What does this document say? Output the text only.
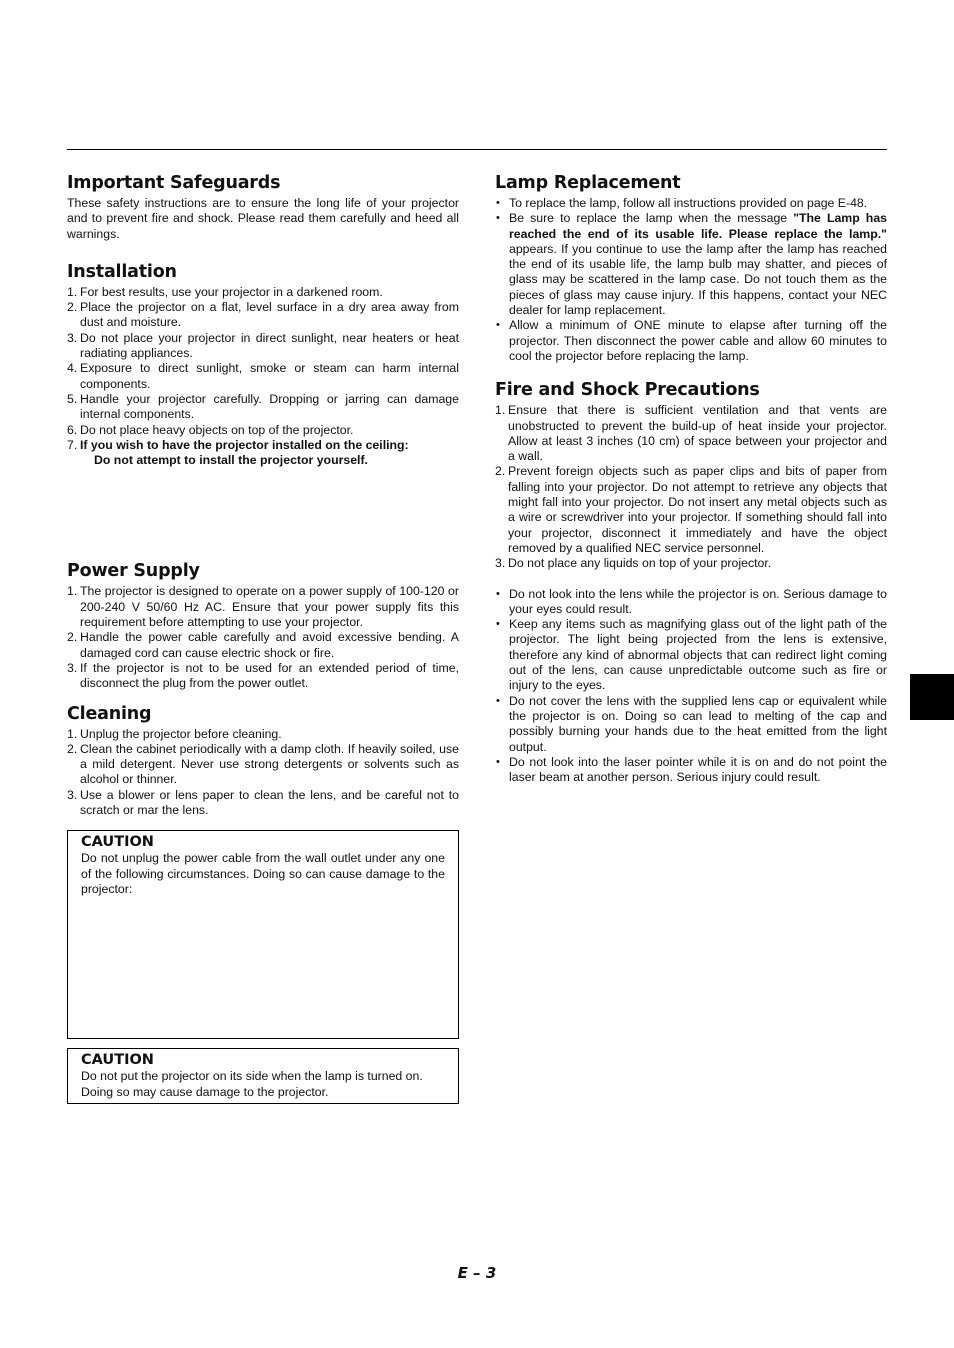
Important Safeguards

These safety instructions are to ensure the long life of your projector and to prevent fire and shock. Please read them carefully and heed all warnings.

Installation
1. For best results, use your projector in a darkened room.
2. Place the projector on a flat, level surface in a dry area away from dust and moisture.
3. Do not place your projector in direct sunlight, near heaters or heat radiating appliances.
4. Exposure to direct sunlight, smoke or steam can harm internal components.
5. Handle your projector carefully. Dropping or jarring can damage internal components.
6. Do not place heavy objects on top of the projector.
7. If you wish to have the projector installed on the ceiling:
Do not attempt to install the projector yourself.
Power Supply
1. The projector is designed to operate on a power supply of 100-120 or 200-240 V 50/60 Hz AC. Ensure that your power supply fits this requirement before attempting to use your projector.
2. Handle the power cable carefully and avoid excessive bending. A damaged cord can cause electric shock or fire.
3. If the projector is not to be used for an extended period of time, disconnect the plug from the power outlet.
Cleaning
1. Unplug the projector before cleaning.
2. Clean the cabinet periodically with a damp cloth. If heavily soiled, use a mild detergent. Never use strong detergents or solvents such as alcohol or thinner.
3. Use a blower or lens paper to clean the lens, and be careful not to scratch or mar the lens.
CAUTION

Do not unplug the power cable from the wall outlet under any one of the following circumstances. Doing so can cause damage to the projector:

CAUTION

Do not put the projector on its side when the lamp is turned on. Doing so may cause damage to the projector.

Lamp Replacement
• To replace the lamp, follow all instructions provided on page E-48.
• Be sure to replace the lamp when the message "The Lamp has reached the end of its usable life. Please replace the lamp." appears. If you continue to use the lamp after the lamp has reached the end of its usable life, the lamp bulb may shatter, and pieces of glass may be scattered in the lamp case. Do not touch them as the pieces of glass may cause injury. If this happens, contact your NEC dealer for lamp replacement.
• Allow a minimum of ONE minute to elapse after turning off the projector. Then disconnect the power cable and allow 60 minutes to cool the projector before replacing the lamp.
Fire and Shock Precautions
1. Ensure that there is sufficient ventilation and that vents are unobstructed to prevent the build-up of heat inside your projector. Allow at least 3 inches (10 cm) of space between your projector and a wall.
2. Prevent foreign objects such as paper clips and bits of paper from falling into your projector. Do not attempt to retrieve any objects that might fall into your projector. Do not insert any metal objects such as a wire or screwdriver into your projector. If something should fall into your projector, disconnect it immediately and have the object removed by a qualified NEC service personnel.
3. Do not place any liquids on top of your projector.
• Do not look into the lens while the projector is on. Serious damage to your eyes could result.
• Keep any items such as magnifying glass out of the light path of the projector. The light being projected from the lens is extensive, therefore any kind of abnormal objects that can redirect light coming out of the lens, can cause unpredictable outcome such as fire or injury to the eyes.
• Do not cover the lens with the supplied lens cap or equivalent while the projector is on. Doing so can lead to melting of the cap and possibly burning your hands due to the heat emitted from the light output.
• Do not look into the laser pointer while it is on and do not point the laser beam at another person. Serious injury could result.
E – 3
